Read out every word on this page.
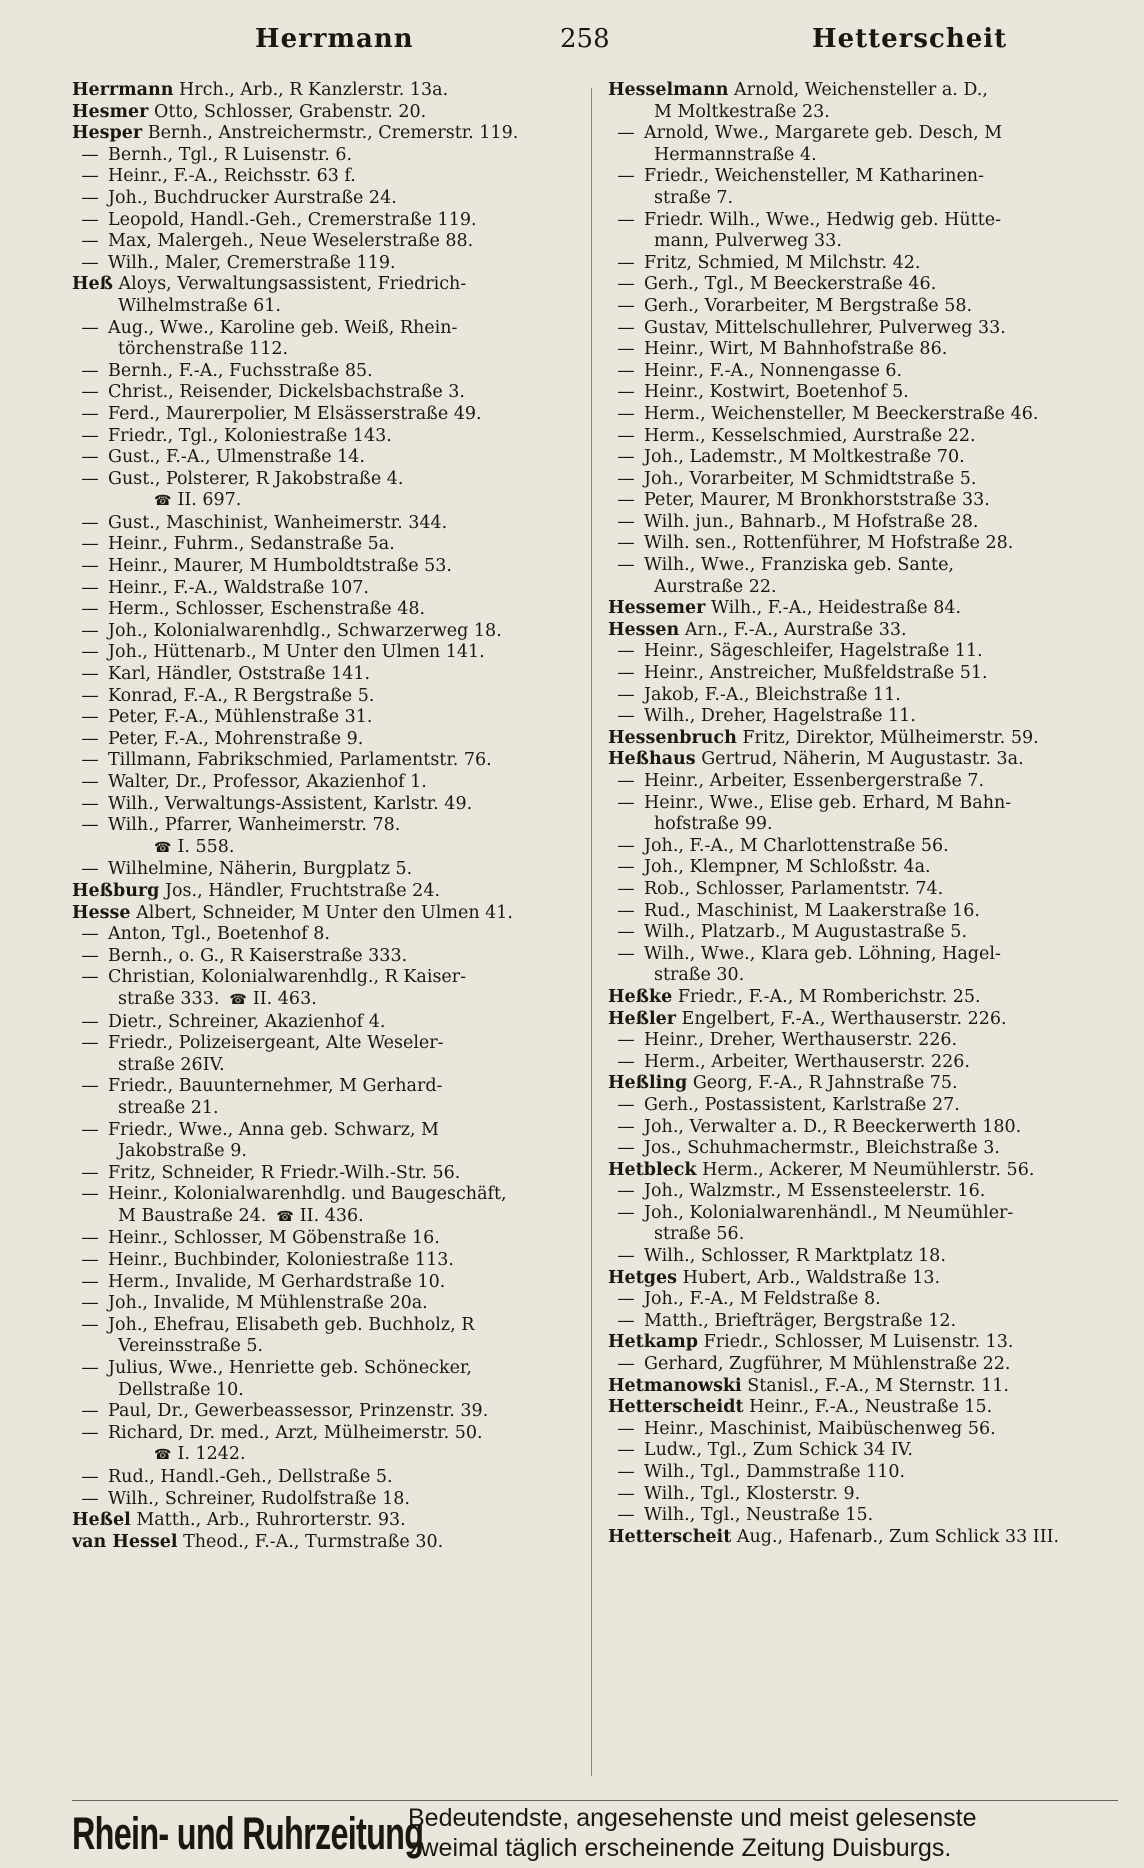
Herrmann	258	Hetterscheit
Herrmann Hrch., Arb., R Kanzlerstr. 13a.
Hesmer Otto, Schlosser, Grabenstr. 20.
Hesper Bernh., Anstreichermstr., Cremerstr. 119.
— Bernh., Tgl., R Luisenstr. 6.
— Heinr., F.-A., Reichsstr. 63 f.
— Joh., Buchdrucker Aurstraße 24.
— Leopold, Handl.-Geh., Cremerstraße 119.
— Max, Malergeh., Neue Weselerstraße 88.
— Wilh., Maler, Cremerstraße 119.
Heß Aloys, Verwaltungsassistent, Friedrich-
Wilhelmstraße 61.
— Aug., Wwe., Karoline geb. Weiß, Rhein-
törchenstraße 112.
— Bernh., F.-A., Fuchsstraße 85.
— Christ., Reisender, Dickelsbachstraße 3.
— Ferd., Maurerpolier, M Elsässerstraße 49.
— Friedr., Tgl., Koloniestraße 143.
— Gust., F.-A., Ulmenstraße 14.
— Gust., Polsterer, R Jakobstraße 4.
☎ II. 697.
— Gust., Maschinist, Wanheimerstr. 344.
— Heinr., Fuhrm., Sedanstraße 5a.
— Heinr., Maurer, M Humboldtstraße 53.
— Heinr., F.-A., Waldstraße 107.
— Herm., Schlosser, Eschenstraße 48.
— Joh., Kolonialwarenhdlg., Schwarzerweg 18.
— Joh., Hüttenarb., M Unter den Ulmen 141.
— Karl, Händler, Oststraße 141.
— Konrad, F.-A., R Bergstraße 5.
— Peter, F.-A., Mühlenstraße 31.
— Peter, F.-A., Mohrenstraße 9.
— Tillmann, Fabrikschmied, Parlamentstr. 76.
— Walter, Dr., Professor, Akazienhof 1.
— Wilh., Verwaltungs-Assistent, Karlstr. 49.
— Wilh., Pfarrer, Wanheimerstr. 78.
☎ I. 558.
— Wilhelmine, Näherin, Burgplatz 5.
Heßburg Jos., Händler, Fruchtstraße 24.
Hesse Albert, Schneider, M Unter den Ulmen 41.
— Anton, Tgl., Boetenhof 8.
— Bernh., o. G., R Kaiserstraße 333.
— Christian, Kolonialwarenhdlg., R Kaiser-
straße 333. ☎ II. 463.
— Dietr., Schreiner, Akazienhof 4.
— Friedr., Polizeisergeant, Alte Weseler-
straße 26IV.
— Friedr., Bauunternehmer, M Gerhard-
streaße 21.
— Friedr., Wwe., Anna geb. Schwarz, M
Jakobstraße 9.
— Fritz, Schneider, R Friedr.-Wilh.-Str. 56.
— Heinr., Kolonialwarenhdlg. und Baugeschäft,
M Baustraße 24. ☎ II. 436.
— Heinr., Schlosser, M Göbenstraße 16.
— Heinr., Buchbinder, Koloniestraße 113.
— Herm., Invalide, M Gerhardstraße 10.
— Joh., Invalide, M Mühlenstraße 20a.
— Joh., Ehefrau, Elisabeth geb. Buchholz, R
Vereinsstraße 5.
— Julius, Wwe., Henriette geb. Schönecker,
Dellstraße 10.
— Paul, Dr., Gewerbeassessor, Prinzenstr. 39.
— Richard, Dr. med., Arzt, Mülheimerstr. 50.
☎ I. 1242.
— Rud., Handl.-Geh., Dellstraße 5.
— Wilh., Schreiner, Rudolfstraße 18.
Heßel Matth., Arb., Ruhrorterstr. 93.
van Hessel Theod., F.-A., Turmstraße 30.
Hesselmann Arnold, Weichensteller a. D.,
M Moltkestraße 23.
— Arnold, Wwe., Margarete geb. Desch, M
Hermannstraße 4.
— Friedr., Weichensteller, M Katharinen-
straße 7.
— Friedr. Wilh., Wwe., Hedwig geb. Hütte-
mann, Pulverweg 33.
— Fritz, Schmied, M Milchstr. 42.
— Gerh., Tgl., M Beeckerstraße 46.
— Gerh., Vorarbeiter, M Bergstraße 58.
— Gustav, Mittelschullehrer, Pulverweg 33.
— Heinr., Wirt, M Bahnhofstraße 86.
— Heinr., F.-A., Nonnengasse 6.
— Heinr., Kostwirt, Boetenhof 5.
— Herm., Weichensteller, M Beeckerstraße 46.
— Herm., Kesselschmied, Aurstraße 22.
— Joh., Lademstr., M Moltkestraße 70.
— Joh., Vorarbeiter, M Schmidtstraße 5.
— Peter, Maurer, M Bronkhorststraße 33.
— Wilh. jun., Bahnarb., M Hofstraße 28.
— Wilh. sen., Rottenführer, M Hofstraße 28.
— Wilh., Wwe., Franziska geb. Sante,
Aurstraße 22.
Hessemer Wilh., F.-A., Heidestraße 84.
Hessen Arn., F.-A., Aurstraße 33.
— Heinr., Sägeschleifer, Hagelstraße 11.
— Heinr., Anstreicher, Mußfeldstraße 51.
— Jakob, F.-A., Bleichstraße 11.
— Wilh., Dreher, Hagelstraße 11.
Hessenbruch Fritz, Direktor, Mülheimerstr. 59.
Heßhaus Gertrud, Näherin, M Augustastr. 3a.
— Heinr., Arbeiter, Essenbergerstraße 7.
— Heinr., Wwe., Elise geb. Erhard, M Bahn-
hofstraße 99.
— Joh., F.-A., M Charlottenstraße 56.
— Joh., Klempner, M Schloßstr. 4a.
— Rob., Schlosser, Parlamentstr. 74.
— Rud., Maschinist, M Laakerstraße 16.
— Wilh., Platzarb., M Augustastraße 5.
— Wilh., Wwe., Klara geb. Löhning, Hagel-
straße 30.
Heßke Friedr., F.-A., M Romberichstr. 25.
Heßler Engelbert, F.-A., Werthauserstr. 226.
— Heinr., Dreher, Werthauserstr. 226.
— Herm., Arbeiter, Werthauserstr. 226.
Heßling Georg, F.-A., R Jahnstraße 75.
— Gerh., Postassistent, Karlstraße 27.
— Joh., Verwalter a. D., R Beeckerwerth 180.
— Jos., Schuhmachermstr., Bleichstraße 3.
Hetbleck Herm., Ackerer, M Neumühlerstr. 56.
— Joh., Walzmstr., M Essensteelerstr. 16.
— Joh., Kolonialwarenhändl., M Neumühler-
straße 56.
— Wilh., Schlosser, R Marktplatz 18.
Hetges Hubert, Arb., Waldstraße 13.
— Joh., F.-A., M Feldstraße 8.
— Matth., Briefträger, Bergstraße 12.
Hetkamp Friedr., Schlosser, M Luisenstr. 13.
— Gerhard, Zugführer, M Mühlenstraße 22.
Hetmanowski Stanisl., F.-A., M Sternstr. 11.
Hetterscheidt Heinr., F.-A., Neustraße 15.
— Heinr., Maschinist, Maibüschenweg 56.
— Ludw., Tgl., Zum Schick 34 IV.
— Wilh., Tgl., Dammstraße 110.
— Wilh., Tgl., Klosterstr. 9.
— Wilh., Tgl., Neustraße 15.
Hetterscheit Aug., Hafenarb., Zum Schlick 33 III.
Rhein- und Ruhrzeitung
Bedeutendste, angesehenste und meist gelesenste
zweimal täglich erscheinende Zeitung Duisburgs.
